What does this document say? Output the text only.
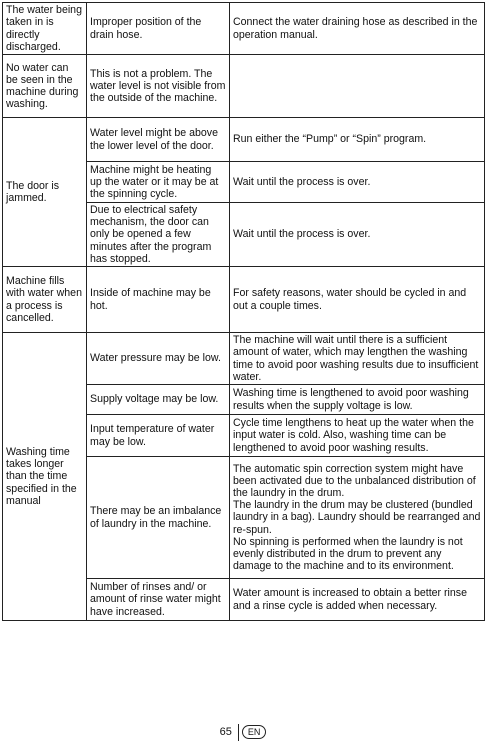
The water being taken in is directly discharged.	Improper position of the drain hose.	Connect the water draining hose as described in the operation manual.
No water can be seen in the machine during washing.	This is not a problem. The water level is not visible from the outside of the machine.	
The door is jammed.	Water level might be above the lower level of the door.	Run either the “Pump” or “Spin” program.
	Machine might be heating up the water or it may be at the spinning cycle.	Wait until the process is over.
	Due to electrical safety mechanism, the door can only be opened a few minutes after the program has stopped.	Wait until the process is over.
Machine fills with water when a process is cancelled.	Inside of machine may be hot.	For safety reasons, water should be cycled in and out a couple times.
Washing time takes longer than the time specified in the manual	Water pressure may be low.	The machine will wait until there is a sufficient amount of water, which may lengthen the washing time to avoid poor washing results due to insufficient water.
	Supply voltage may be low.	Washing time is lengthened to avoid poor washing results when the supply voltage is low.
	Input temperature of water may be low.	Cycle time lengthens to heat up the water when the input water is cold. Also, washing time can be lengthened to avoid poor washing results.
	There may be an imbalance of laundry in the machine.	The automatic spin correction system might have been activated due to the unbalanced distribution of the laundry in the drum.
The laundry in the drum may be clustered (bundled laundry in a bag). Laundry should be rearranged and re-spun.
No spinning is performed when the laundry is not evenly distributed in the drum to prevent any damage to the machine and to its environment.

	Number of rinses and/ or amount of rinse water might have increased.	Water amount is increased to obtain a better rinse and a rinse cycle is added when necessary.
65	EN
